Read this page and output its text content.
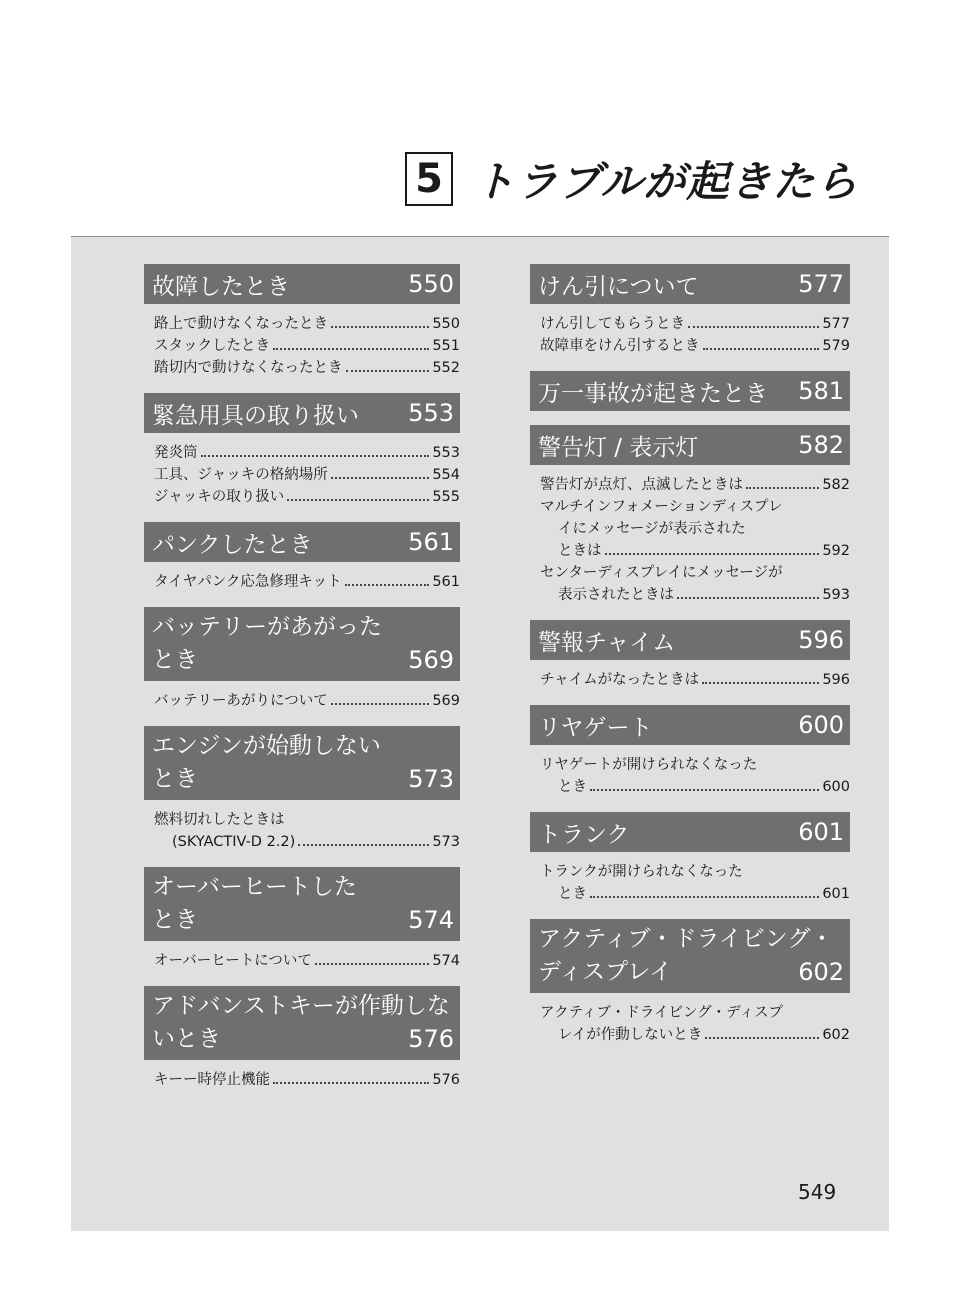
5 トラブルが起きたら
故障したとき	550
路上で動けなくなったとき	550
スタックしたとき	551
踏切内で動けなくなったとき	552
緊急用具の取り扱い 553
発炎筒	553
工具、ジャッキの格納場所	554
ジャッキの取り扱い	555
パンクしたとき	561
タイヤパンク応急修理キット	561
バッテリーがあがった
とき	569
バッテリーあがりについて	569
エンジンが始動しない
とき	573
燃料切れしたときは
(SKYACTIV-D 2.2)	573
オーバーヒートした
とき	574
オーバーヒートについて	574
アドバンストキーが作動しな
いとき	576
キーー時停止機能	576
けん引について	577
けん引してもらうとき	577
故障車をけん引するとき	579
万一事故が起きたとき 581
警告灯 / 表示灯	582
警告灯が点灯、点滅したときは	582
マルチインフォメーションディスプレ
イにメッセージが表示された
ときは	592
センターディスプレイにメッセージが
表示されたときは	593
警報チャイム	596
チャイムがなったときは	596
リヤゲート	600
リヤゲートが開けられなくなった
とき	600
トランク	601
トランクが開けられなくなった
とき	601
アクティブ・ドライビング・
ディスプレイ	602
アクティブ・ドライビング・ディスプ
レイが作動しないとき	602
549
